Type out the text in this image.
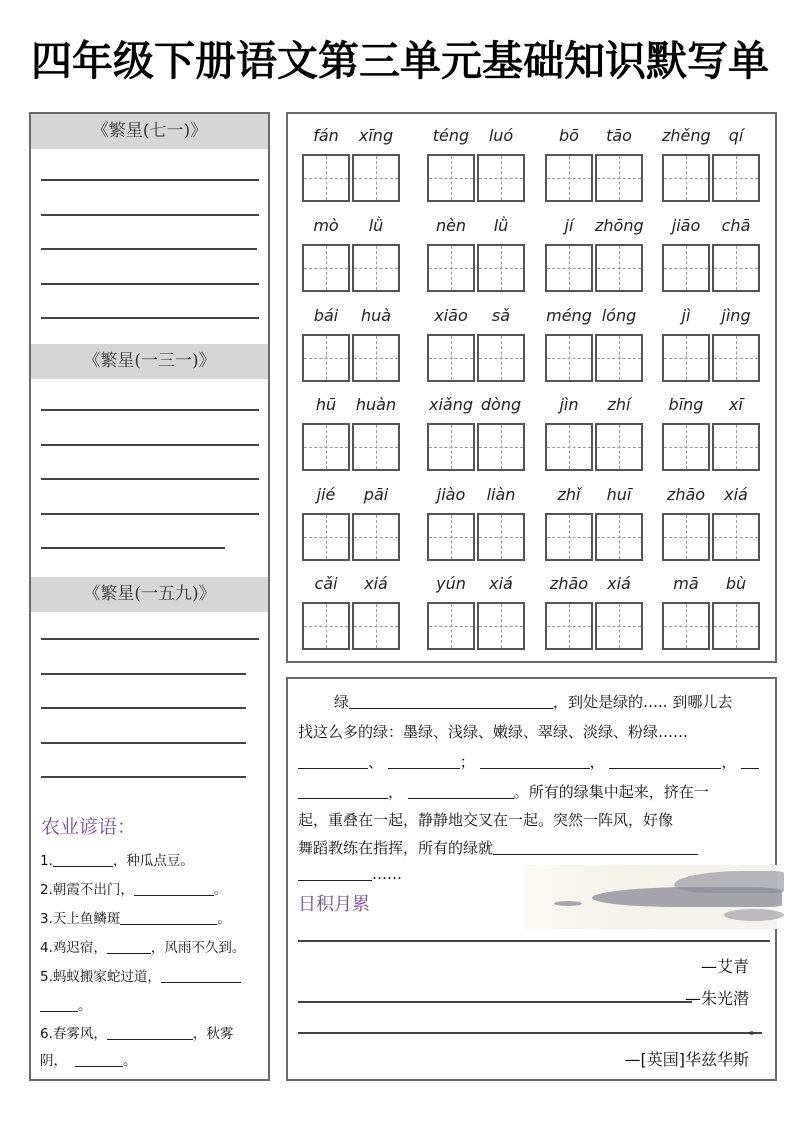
四年级下册语文第三单元基础知识默写单
《繁星(七一)》
《繁星(一三一)》
《繁星(一五九)》
农业谚语：
1.	，种瓜点豆。
2.朝霞不出门，	。
3.天上鱼鳞斑	。
4.鸡迟宿，	，风雨不久到。
5.蚂蚁搬家蛇过道，
。
6.春雾风，	，秋雾
阴，	。
fán	xīng	téng	luó	bō	tāo	zhěng	qí
mò	lǜ	nèn	lǜ	jí	zhōng	jiāo	chā
bái	huà	xiāo	sǎ	méng lóng	jì	jìng
hū	huàn xiǎng dòng	jìn	zhí	bīng	xī
jié	pāi	jiào	liàn	zhǐ	huī	zhāo	xiá
cǎi	xiá	yún	xiá	zhāo	xiá	mā	bù
绿	，到处是绿的….. 到哪儿去
找这么多的绿：墨绿、浅绿、嫩绿、翠绿、淡绿、粉绿……
、	；	，	，
，	。所有的绿集中起来，挤在一
起，重叠在一起，静静地交叉在一起。突然一阵风，好像
舞蹈教练在指挥，所有的绿就
……
日积月累
—艾青
—朱光潜
。
—[英国]华兹华斯
